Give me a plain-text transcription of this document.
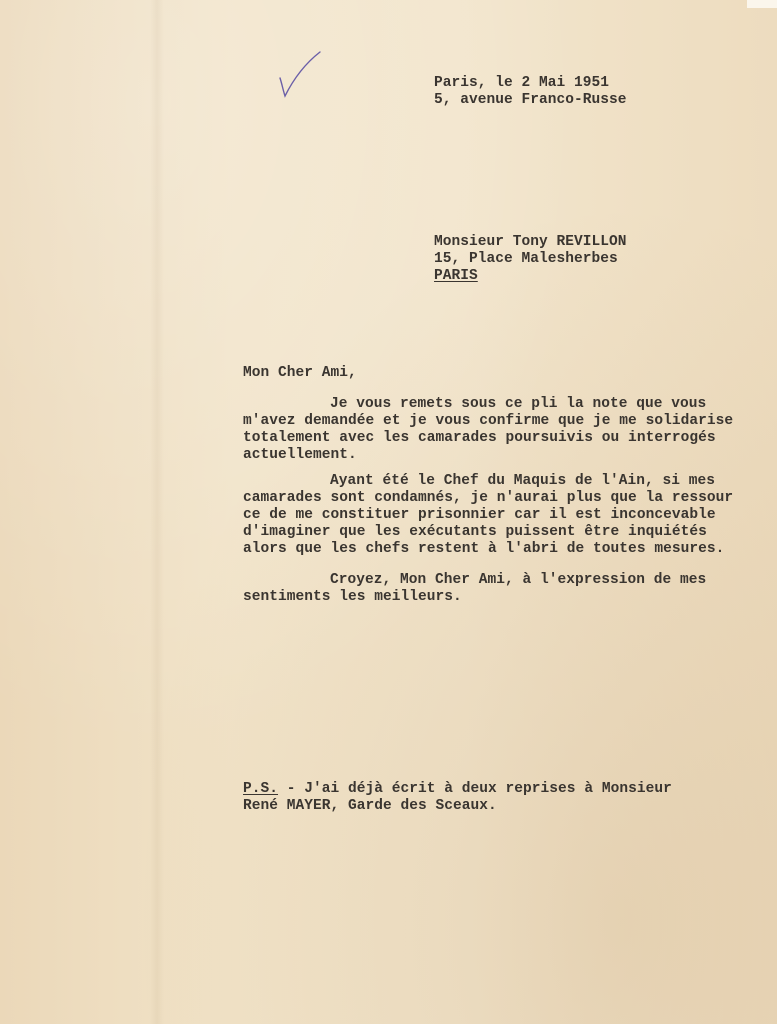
Paris, le 2 Mai 1951
5, avenue Franco-Russe
Monsieur Tony REVILLON
15, Place Malesherbes
PARIS
Mon Cher Ami,
Je vous remets sous ce pli la note que vous
m'avez demandée et je vous confirme que je me solidarise
totalement avec les camarades poursuivis ou interrogés
actuellement.
Ayant été le Chef du Maquis de l'Ain, si mes
camarades sont condamnés, je n'aurai plus que la ressour
ce de me constituer prisonnier car il est inconcevable
d'imaginer que les exécutants puissent être inquiétés
alors que les chefs restent à l'abri de toutes mesures.
Croyez, Mon Cher Ami, à l'expression de mes
sentiments les meilleurs.
P.S. - J'ai déjà écrit à deux reprises à Monsieur
René MAYER, Garde des Sceaux.
